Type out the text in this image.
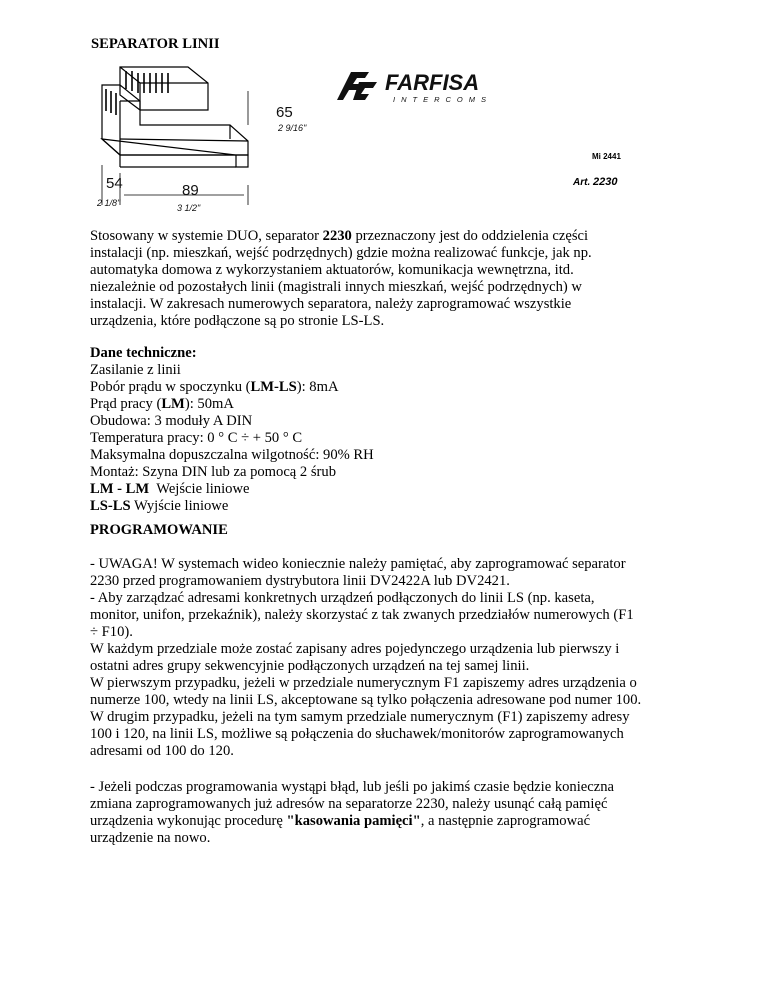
SEPARATOR LINII
65
2 9/16"
54
2 1/8"
89
3 1/2"
FARFISA
INTERCOMS
Mi 2441
Art. 2230
Stosowany w systemie DUO, separator 2230 przeznaczony jest do oddzielenia części
instalacji (np. mieszkań, wejść podrzędnych) gdzie można realizować funkcje, jak np.
automatyka domowa z wykorzystaniem aktuatorów, komunikacja wewnętrzna, itd.
niezależnie od pozostałych linii (magistrali innych mieszkań, wejść podrzędnych) w
instalacji. W zakresach numerowych separatora, należy zaprogramować wszystkie
urządzenia, które podłączone są po stronie LS-LS.
Dane techniczne:
Zasilanie z linii
Pobór prądu w spoczynku (LM-LS): 8mA
Prąd pracy (LM): 50mA
Obudowa: 3 moduły A DIN
Temperatura pracy: 0 ° C ÷ + 50 ° C
Maksymalna dopuszczalna wilgotność: 90% RH
Montaż: Szyna DIN lub za pomocą 2 śrub
LM - LM  Wejście liniowe
LS-LS Wyjście liniowe
PROGRAMOWANIE
- UWAGA! W systemach wideo koniecznie należy pamiętać, aby zaprogramować separator
2230 przed programowaniem dystrybutora linii DV2422A lub DV2421.
- Aby zarządzać adresami konkretnych urządzeń podłączonych do linii LS (np. kaseta,
monitor, unifon, przekaźnik), należy skorzystać z tak zwanych przedziałów numerowych (F1
÷ F10).
W każdym przedziale może zostać zapisany adres pojedynczego urządzenia lub pierwszy i
ostatni adres grupy sekwencyjnie podłączonych urządzeń na tej samej linii.
W pierwszym przypadku, jeżeli w przedziale numerycznym F1 zapiszemy adres urządzenia o
numerze 100, wtedy na linii LS, akceptowane są tylko połączenia adresowane pod numer 100.
W drugim przypadku, jeżeli na tym samym przedziale numerycznym (F1) zapiszemy adresy
100 i 120, na linii LS, możliwe są połączenia do słuchawek/monitorów zaprogramowanych
adresami od 100 do 120.
- Jeżeli podczas programowania wystąpi błąd, lub jeśli po jakimś czasie będzie konieczna
zmiana zaprogramowanych już adresów na separatorze 2230, należy usunąć całą pamięć
urządzenia wykonując procedurę "kasowania pamięci", a następnie zaprogramować
urządzenie na nowo.
